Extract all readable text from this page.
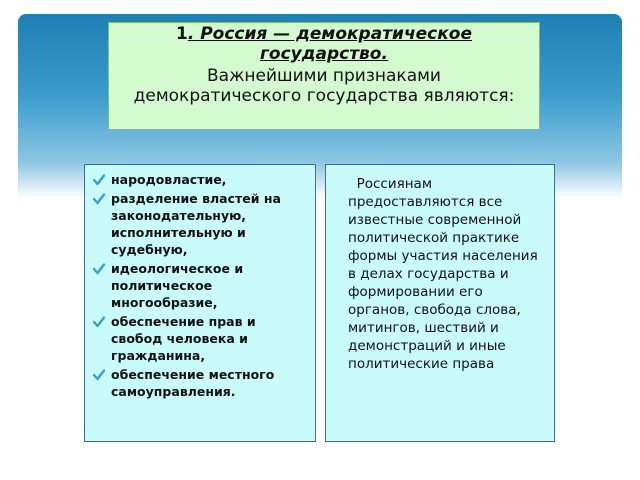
1. Россия — демократическое
государство.
Важнейшими признаками демократического государства являются:
народовластие,
разделение властей на законодательную, исполнительную и судебную,
идеологическое и политическое многообразие,
обеспечение прав и свобод человека и гражданина,
обеспечение местного самоуправления.
Россиянам предоставляются все известные современной политической практике формы участия населения в делах государства и формировании его органов, свобода слова, митингов, шествий и демонстраций и иные политические права
